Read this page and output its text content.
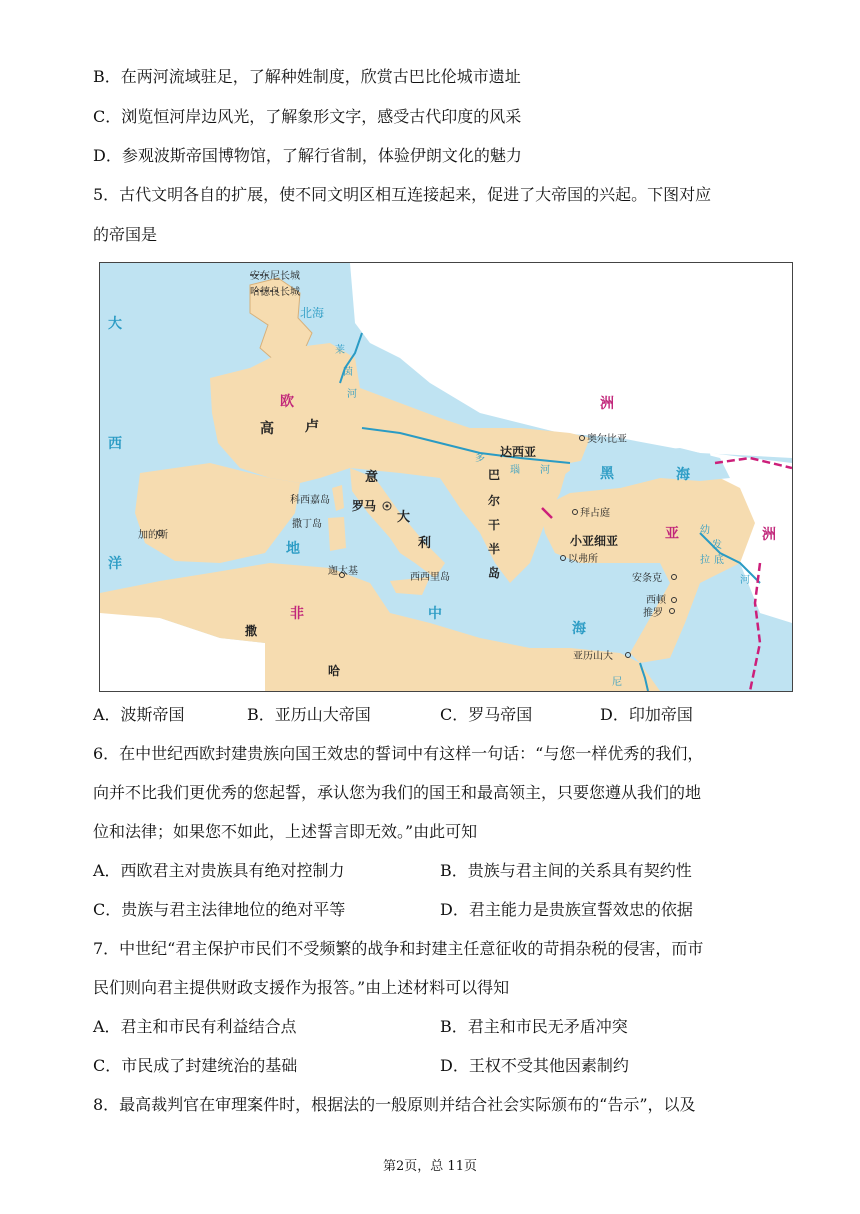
B．在两河流域驻足，了解种姓制度，欣赏古巴比伦城市遗址
C．浏览恒河岸边风光，了解象形文字，感受古代印度的风采
D．参观波斯帝国博物馆，了解行省制，体验伊朗文化的魅力
5．古代文明各自的扩展，使不同文明区相互连接起来，促进了大帝国的兴起。下图对应
的帝国是
安东尼长城
哈德良长城
大
西
洋
北海
莱
茵
河
欧	洲
高 卢
达西亚
奥尔比亚
多
瑙 河	黑	海
巴
尔
干
半
岛
意
大
利
罗马
科西嘉岛
撒丁岛
加的斯
地
迦太基
西西里岛
拜占庭
小亚细亚
以弗所
亚	洲
幼
发
拉 底
河
安条克
西顿
推罗
非
撒
哈
中
海
亚历山大
尼
A．波斯帝国	B．亚历山大帝国	C．罗马帝国	D．印加帝国
6．在中世纪西欧封建贵族向国王效忠的誓词中有这样一句话：“与您一样优秀的我们，
向并不比我们更优秀的您起誓，承认您为我们的国王和最高领主，只要您遵从我们的地
位和法律；如果您不如此，上述誓言即无效。”由此可知
A．西欧君主对贵族具有绝对控制力	B．贵族与君主间的关系具有契约性
C．贵族与君主法律地位的绝对平等	D．君主能力是贵族宣誓效忠的依据
7．中世纪“君主保护市民们不受频繁的战争和封建主任意征收的苛捐杂税的侵害，而市
民们则向君主提供财政支援作为报答。”由上述材料可以得知
A．君主和市民有利益结合点	B．君主和市民无矛盾冲突
C．市民成了封建统治的基础	D．王权不受其他因素制约
8．最高裁判官在审理案件时，根据法的一般原则并结合社会实际颁布的“告示”，以及
第2页，总 11页
